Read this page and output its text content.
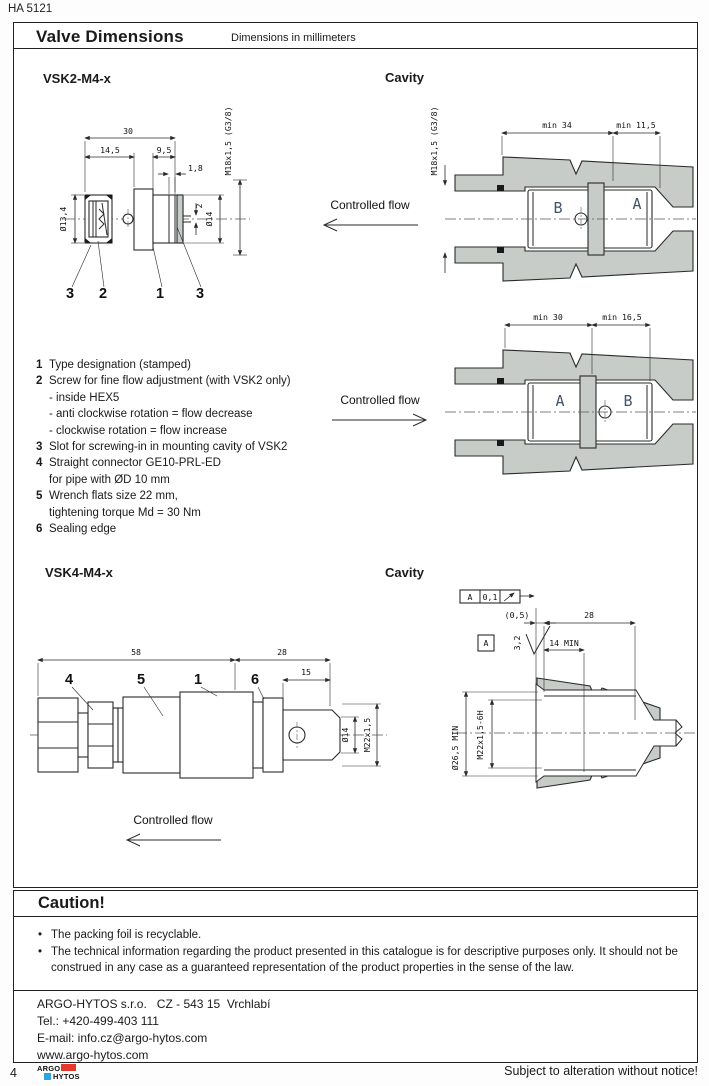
HA 5121
Valve Dimensions	Dimensions in millimeters
VSK2-M4-x	Cavity
30
14,5	9,5
1,8 M18x1,5 (G3/8)
Ø13,4	Ø14
2
3 2	1 3
Controlled flow	B	A
min 34	min 11,5
M18x1,5 (G3/8)
Controlled flow	A	B
min 30	min 16,5
1 Type designation (stamped)
2 Screw for fine flow adjustment (with VSK2 only)
- inside HEX5
- anti clockwise rotation = flow decrease
- clockwise rotation = flow increase
3 Slot for screwing-in in mounting cavity of VSK2
4 Straight connector GE10-PRL-ED
for pipe with ØD 10 mm
5 Wrench flats size 22 mm,
tightening torque Md = 30 Nm
6 Sealing edge
VSK4-M4-x	Cavity
58	28
15
Ø14 M22x1,5
4	5	1	6
Controlled flow
A 0,1
(0,5)	28
A	3,2	14 MIN
Ø26,5 MIN M22x1,5-6H
Caution!
• The packing foil is recyclable.
• The technical information regarding the product presented in this catalogue is for descriptive purposes only. It should not be construed in any case as a guaranteed representation of the product properties in the sense of the law.
ARGO-HYTOS s.r.o.   CZ - 543 15  Vrchlabí
Tel.: +420-499-403 111
E-mail: info.cz@argo-hytos.com
www.argo-hytos.com
4	ARGO
HYTOS	Subject to alteration without notice!
